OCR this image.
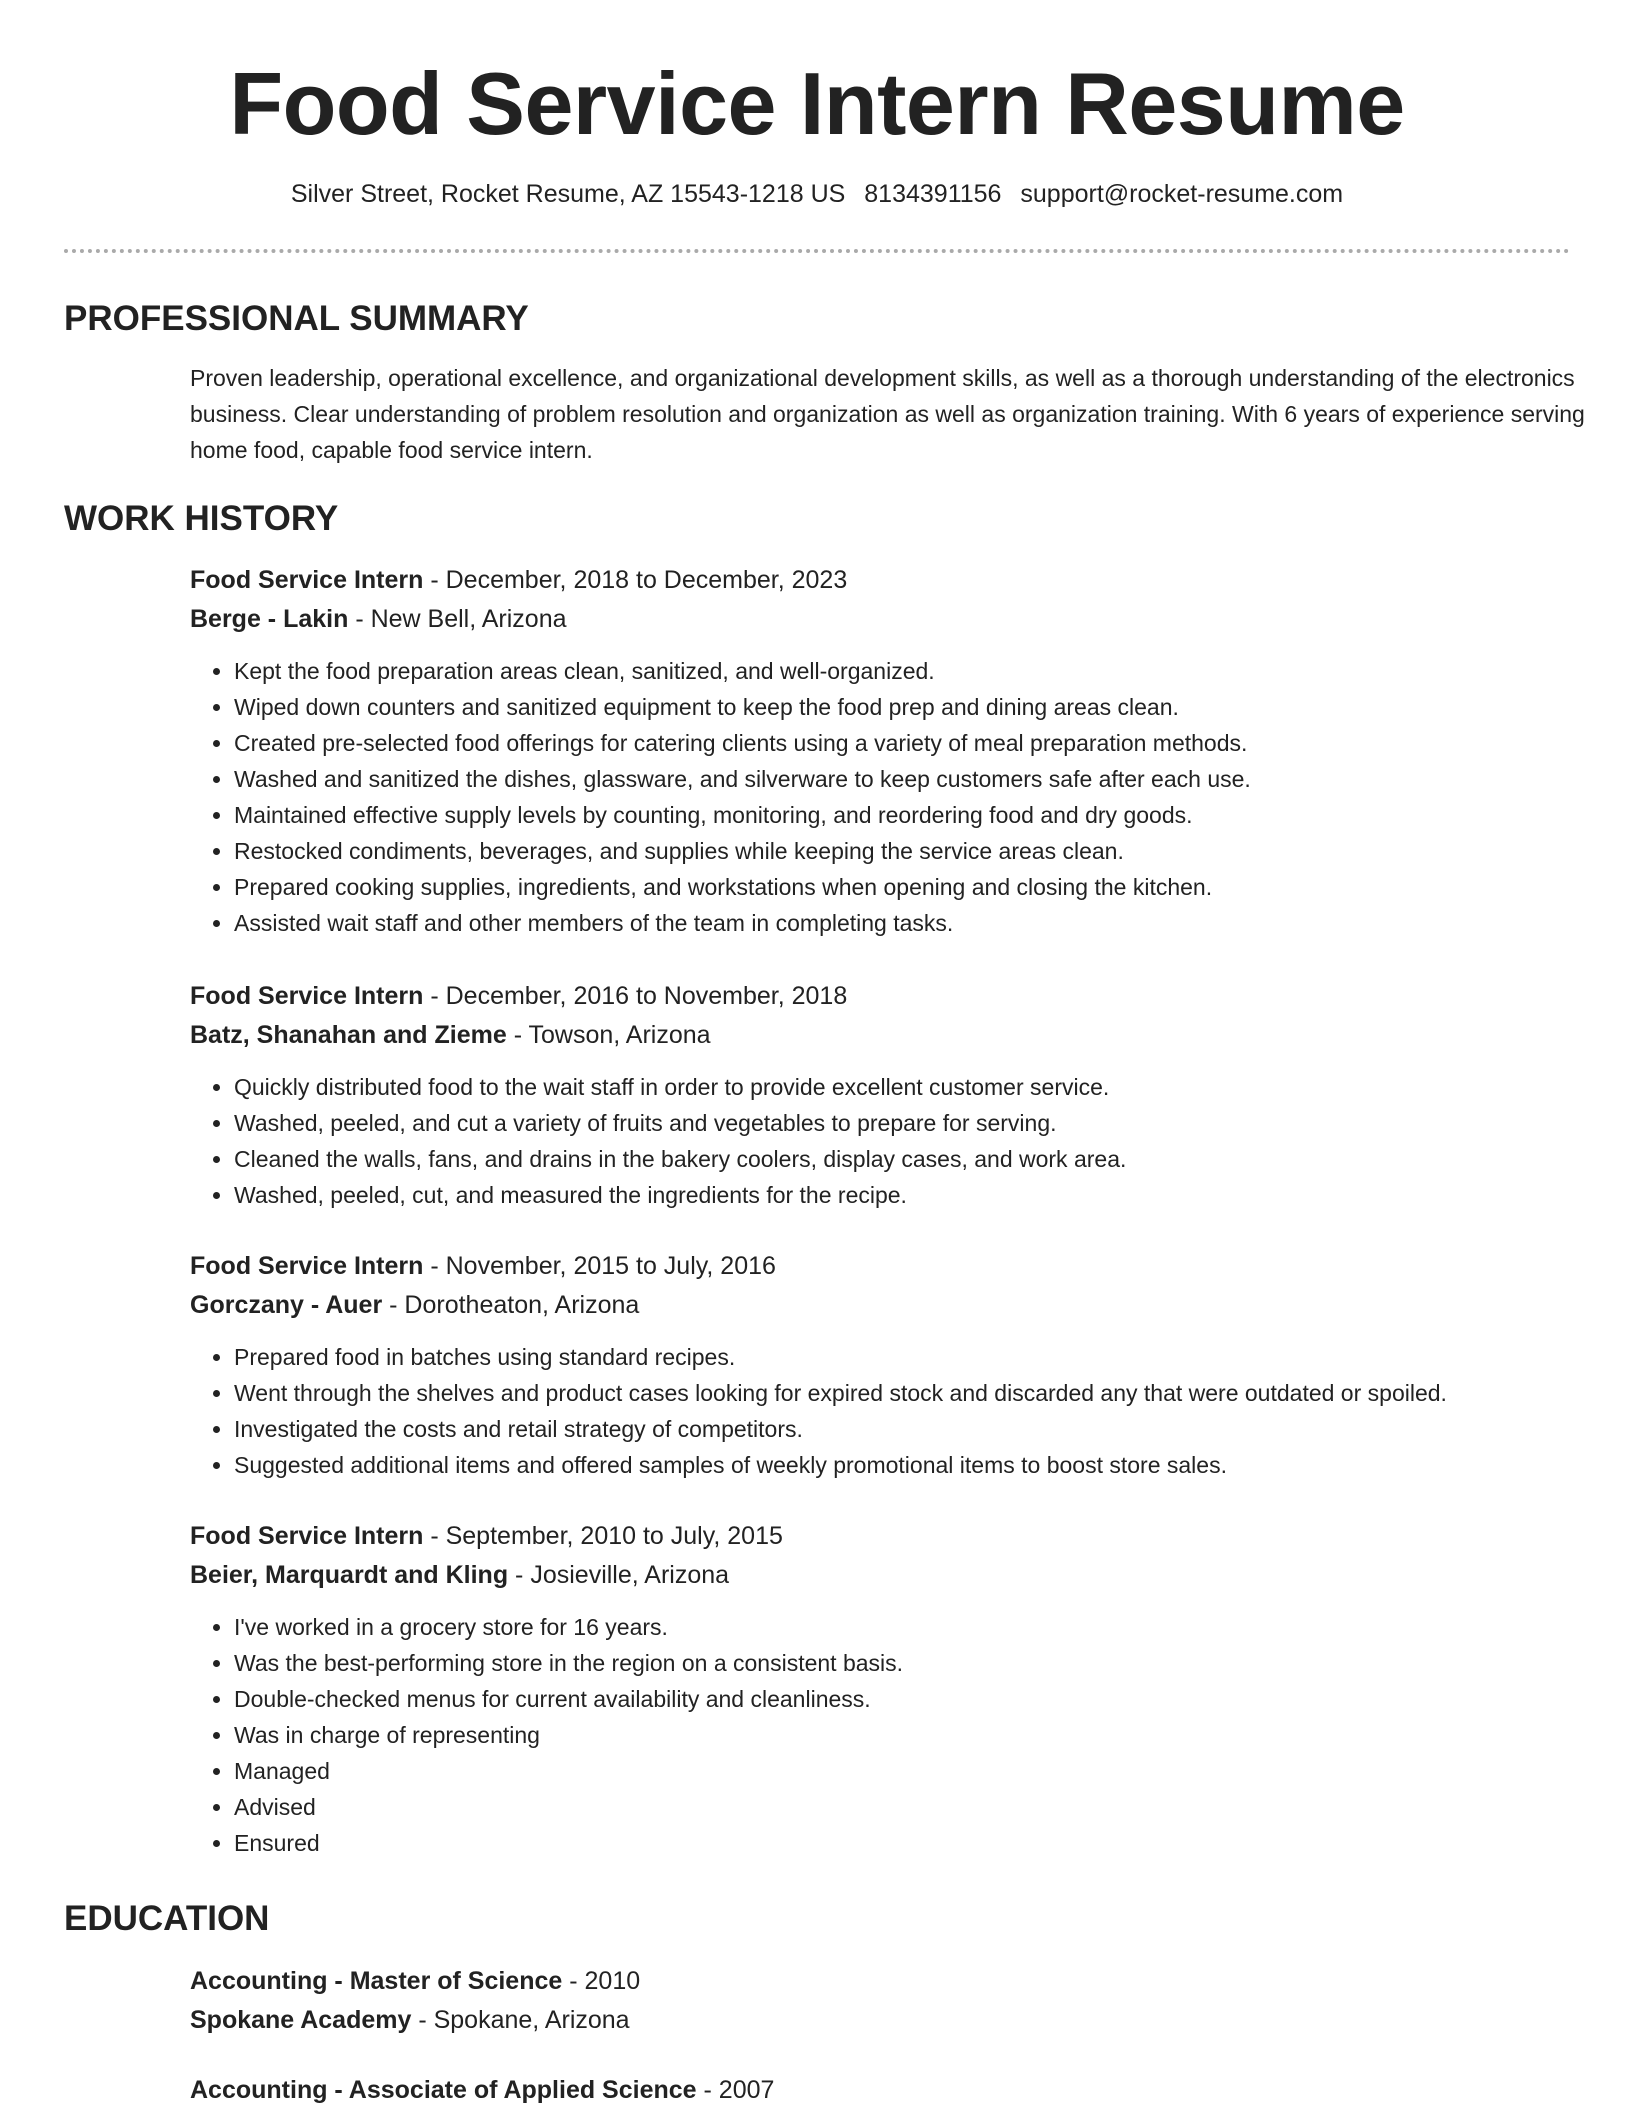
Food Service Intern Resume
Silver Street, Rocket Resume, AZ 15543-1218 US 8134391156 support@rocket-resume.com
PROFESSIONAL SUMMARY

Proven leadership, operational excellence, and organizational development skills, as well as a thorough understanding of the electronics business. Clear understanding of problem resolution and organization as well as organization training. With 6 years of experience serving home food, capable food service intern.

WORK HISTORY
Food Service Intern - December, 2018 to December, 2023
Berge - Lakin - New Bell, Arizona
• Kept the food preparation areas clean, sanitized, and well-organized.
• Wiped down counters and sanitized equipment to keep the food prep and dining areas clean.
• Created pre-selected food offerings for catering clients using a variety of meal preparation methods.
• Washed and sanitized the dishes, glassware, and silverware to keep customers safe after each use.
• Maintained effective supply levels by counting, monitoring, and reordering food and dry goods.
• Restocked condiments, beverages, and supplies while keeping the service areas clean.
• Prepared cooking supplies, ingredients, and workstations when opening and closing the kitchen.
• Assisted wait staff and other members of the team in completing tasks.
Food Service Intern - December, 2016 to November, 2018
Batz, Shanahan and Zieme - Towson, Arizona
• Quickly distributed food to the wait staff in order to provide excellent customer service.
• Washed, peeled, and cut a variety of fruits and vegetables to prepare for serving.
• Cleaned the walls, fans, and drains in the bakery coolers, display cases, and work area.
• Washed, peeled, cut, and measured the ingredients for the recipe.
Food Service Intern - November, 2015 to July, 2016
Gorczany - Auer - Dorotheaton, Arizona
• Prepared food in batches using standard recipes.
• Went through the shelves and product cases looking for expired stock and discarded any that were outdated or spoiled.
• Investigated the costs and retail strategy of competitors.
• Suggested additional items and offered samples of weekly promotional items to boost store sales.
Food Service Intern - September, 2010 to July, 2015
Beier, Marquardt and Kling - Josieville, Arizona
• I've worked in a grocery store for 16 years.
• Was the best-performing store in the region on a consistent basis.
• Double-checked menus for current availability and cleanliness.
• Was in charge of representing
• Managed
• Advised
• Ensured
EDUCATION
Accounting - Master of Science - 2010
Spokane Academy - Spokane, Arizona
Accounting - Associate of Applied Science - 2007
